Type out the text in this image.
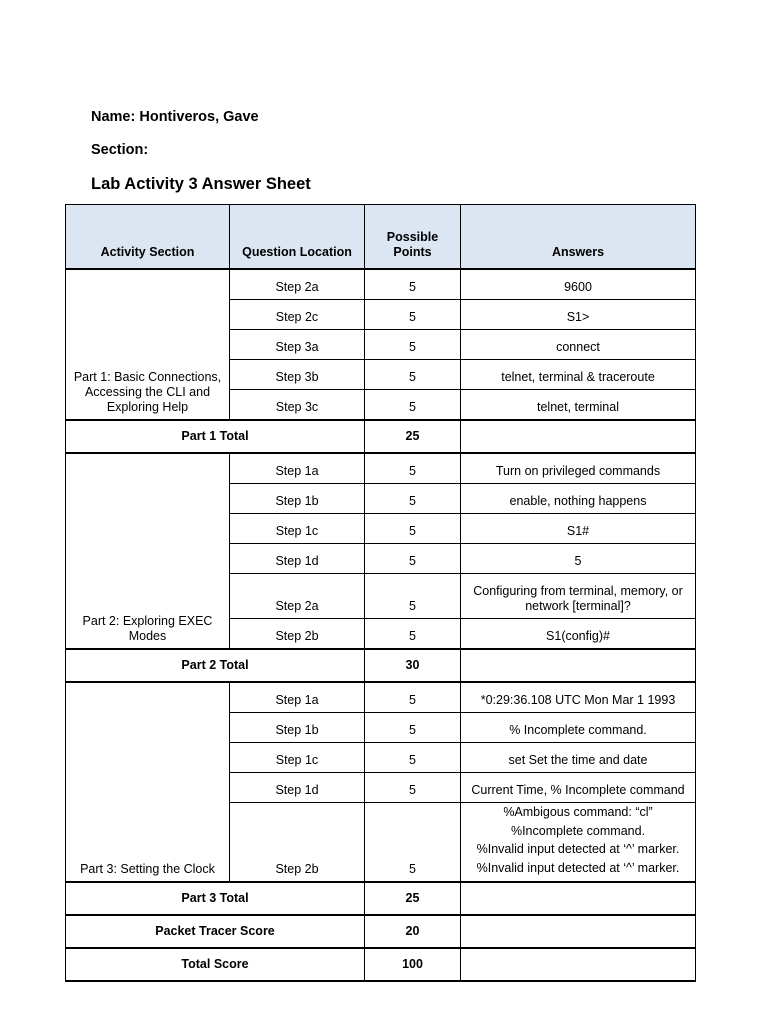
Name: Hontiveros, Gave
Section:
Lab Activity 3 Answer Sheet
Activity Section	Question Location	Possible Points	Answers
Part 1: Basic Connections, Accessing the CLI and Exploring Help	Step 2a	5	9600
	Step 2c	5	S1>
	Step 3a	5	connect
	Step 3b	5	telnet, terminal & traceroute
	Step 3c	5	telnet, terminal
Part 1 Total		25	
Part 2: Exploring EXEC Modes	Step 1a	5	Turn on privileged commands
	Step 1b	5	enable, nothing happens
	Step 1c	5	S1#
	Step 1d	5	5
	Step 2a	5	Configuring from terminal, memory, or network [terminal]?
	Step 2b	5	S1(config)#
Part 2 Total		30	
Part 3: Setting the Clock	Step 1a	5	*0:29:36.108 UTC Mon Mar 1 1993
	Step 1b	5	% Incomplete command.
	Step 1c	5	set Set the time and date
	Step 1d	5	Current Time, % Incomplete command
	Step 2b	5	%Ambigous command: “cl”
%Incomplete command.
%Invalid input detected at ‘^’ marker.
%Invalid input detected at ‘^’ marker.

Part 3 Total		25	
Packet Tracer Score		20	
Total Score		100	
